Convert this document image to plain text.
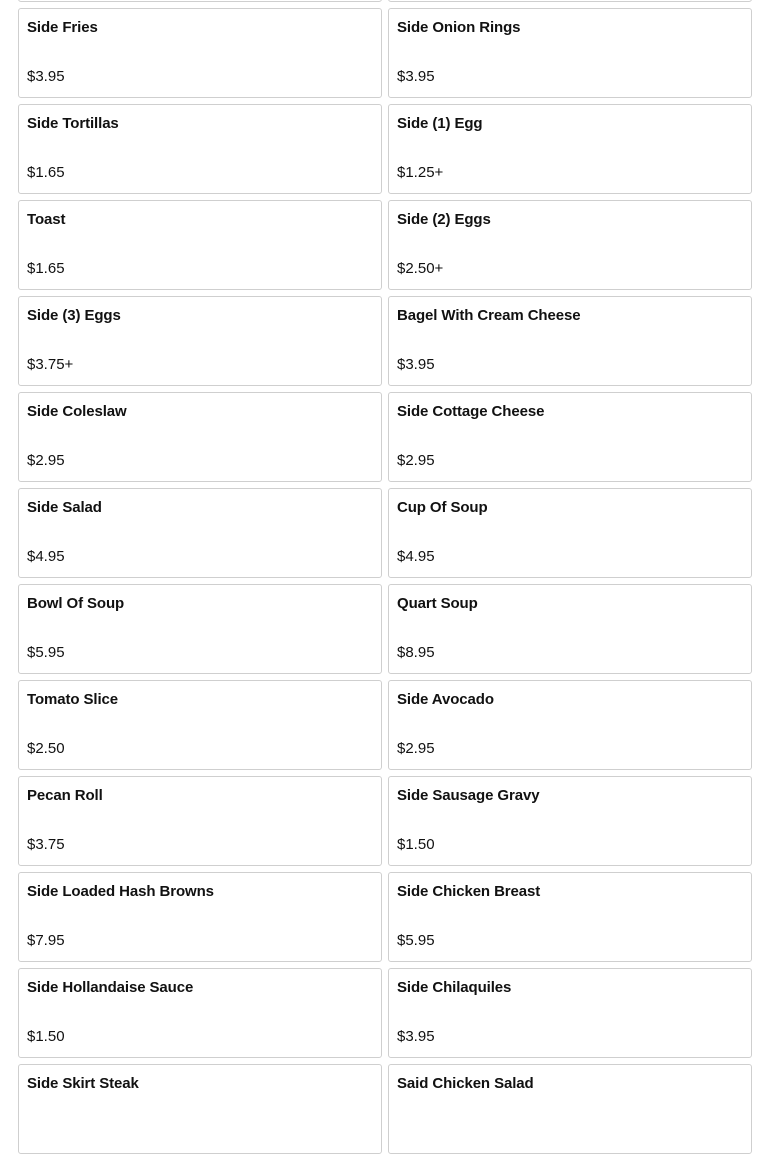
Side Fries
$3.95
Side Onion Rings
$3.95
Side Tortillas
$1.65
Side (1) Egg
$1.25+
Toast
$1.65
Side (2) Eggs
$2.50+
Side (3) Eggs
$3.75+
Bagel With Cream Cheese
$3.95
Side Coleslaw
$2.95
Side Cottage Cheese
$2.95
Side Salad
$4.95
Cup Of Soup
$4.95
Bowl Of Soup
$5.95
Quart Soup
$8.95
Tomato Slice
$2.50
Side Avocado
$2.95
Pecan Roll
$3.75
Side Sausage Gravy
$1.50
Side Loaded Hash Browns
$7.95
Side Chicken Breast
$5.95
Side Hollandaise Sauce
$1.50
Side Chilaquiles
$3.95
Side Skirt Steak	Said Chicken Salad
